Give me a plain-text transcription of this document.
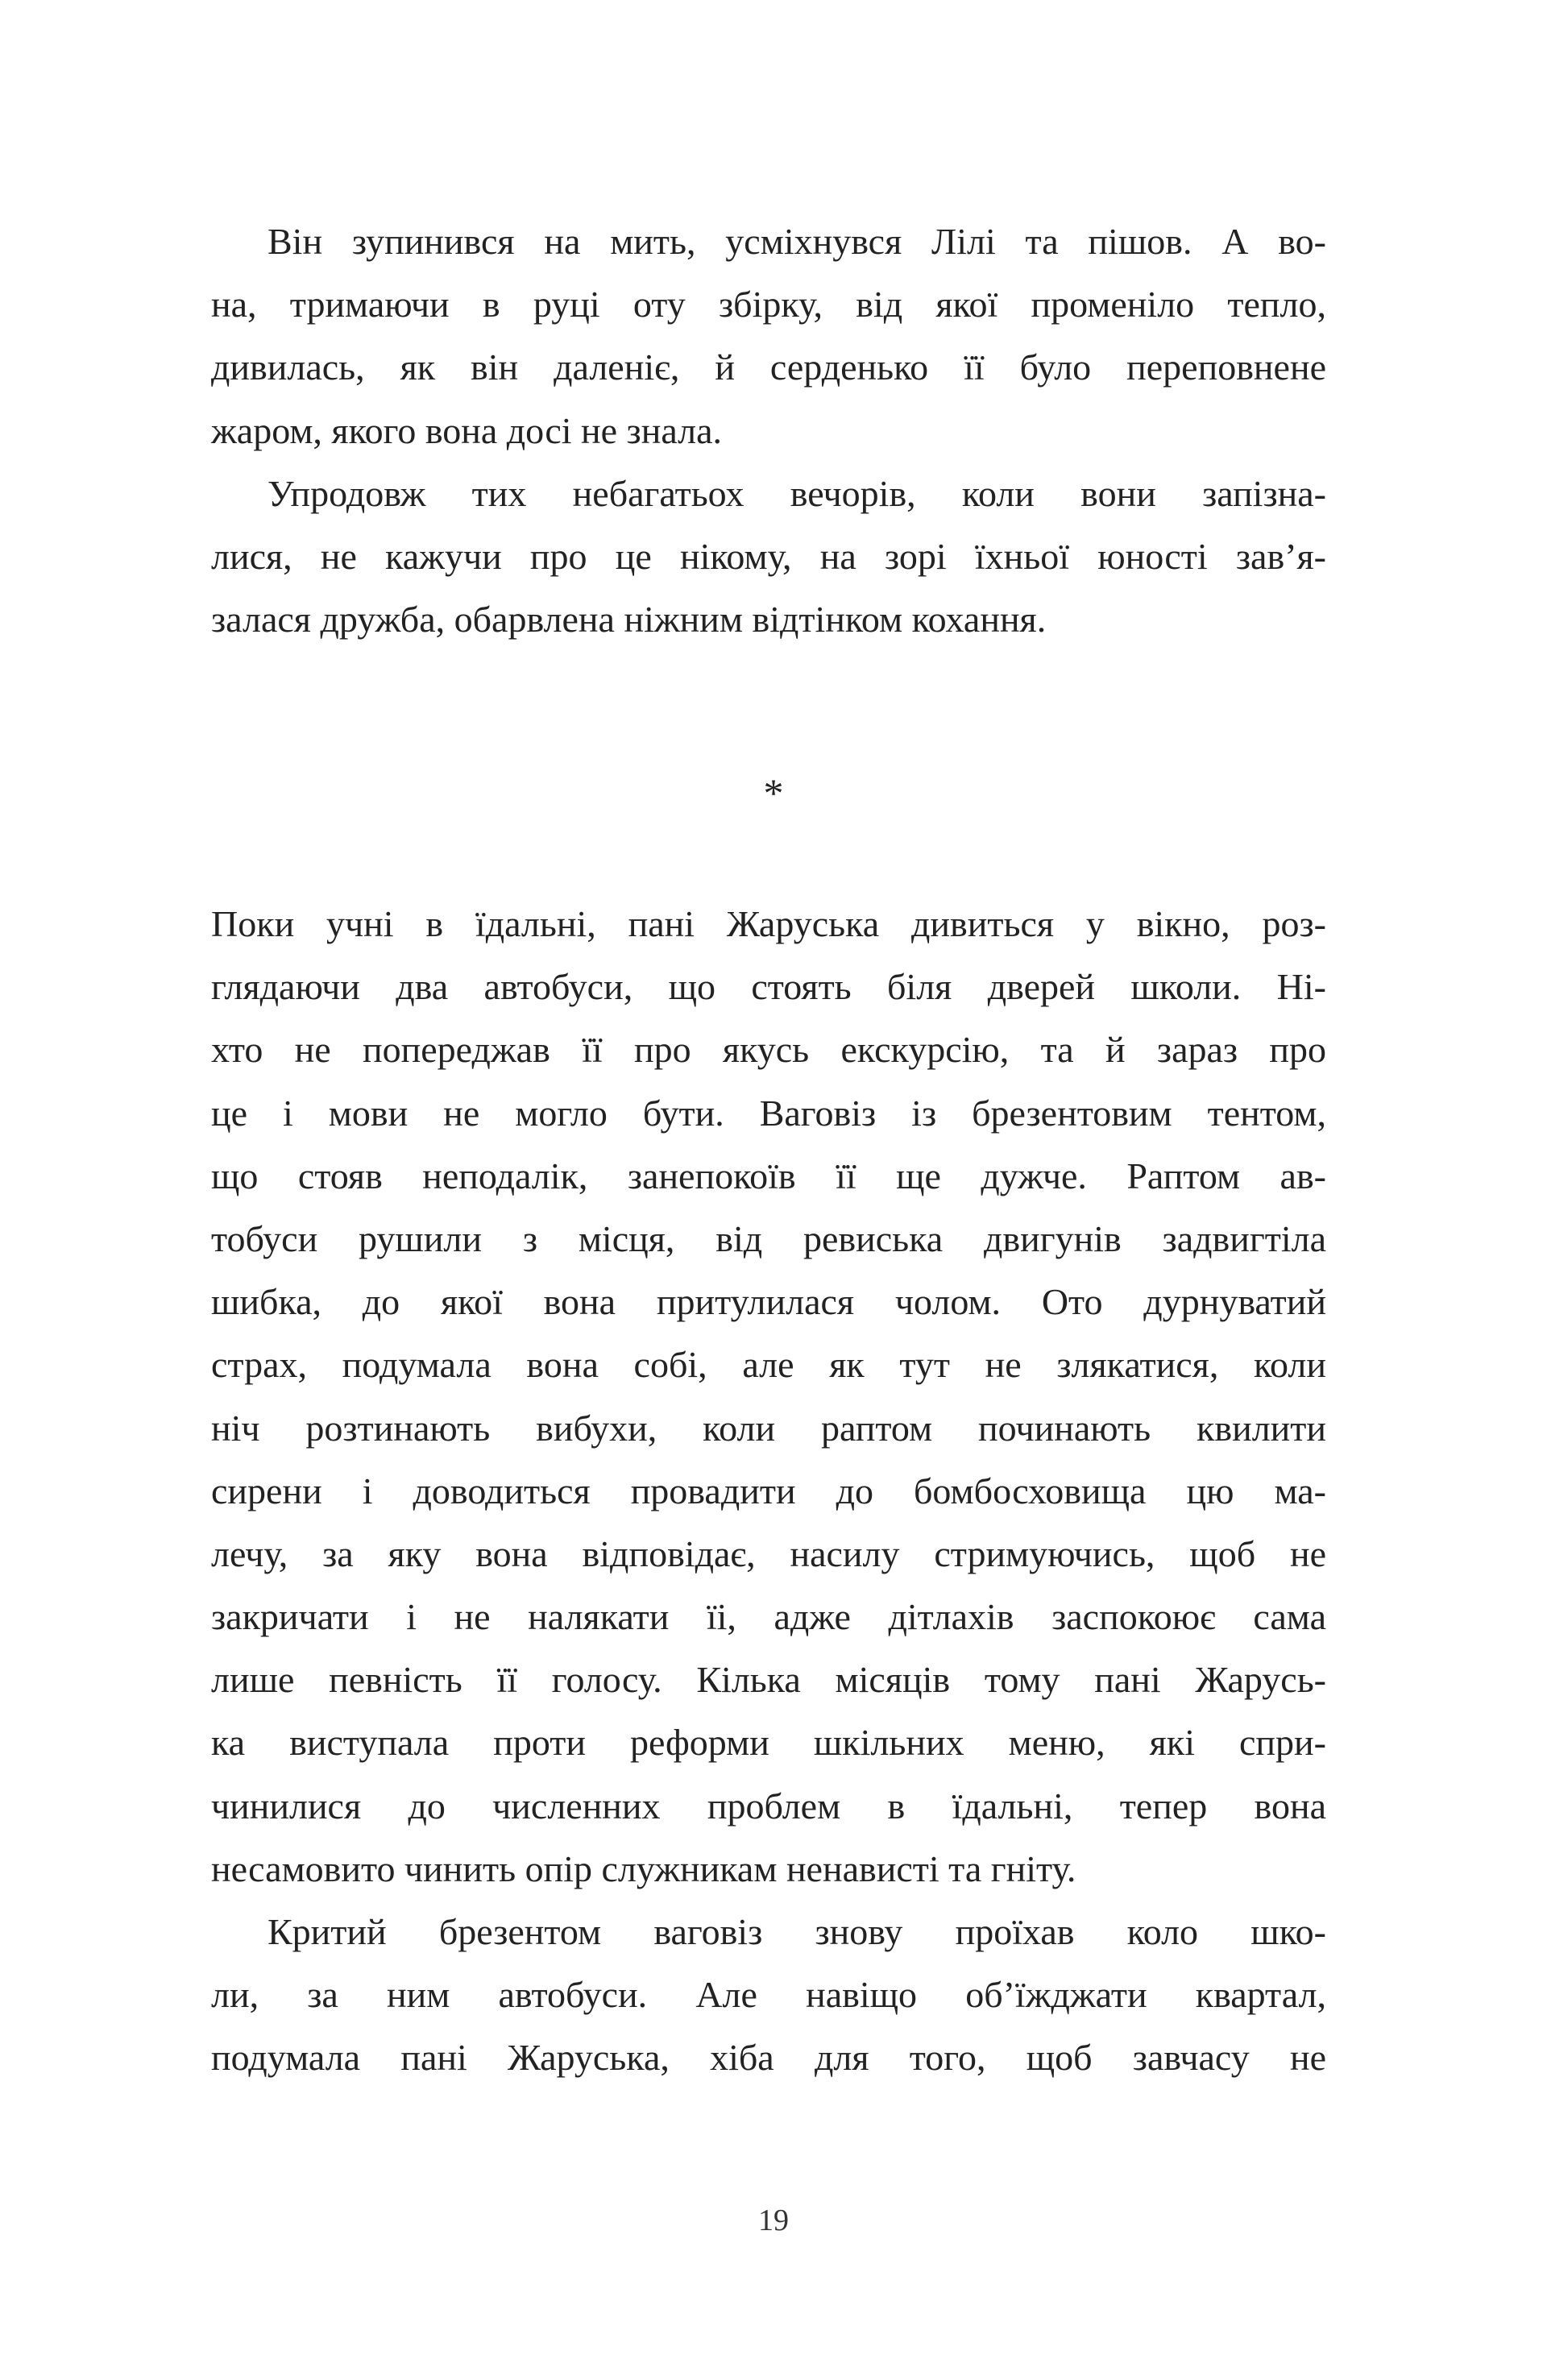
Він зупинився на мить, усміхнувся Лілі та пішов. А во-
на, тримаючи в руці оту збірку, від якої променіло тепло,
дивилась, як він даленіє, й серденько її було переповнене
жаром, якого вона досі не знала.
Упродовж тих небагатьох вечорів, коли вони запізна-
лися, не кажучи про це нікому, на зорі їхньої юності зав’я-
залася дружба, обарвлена ніжним відтінком кохання.
*
Поки учні в їдальні, пані Жаруська дивиться у вікно, роз-
глядаючи два автобуси, що стоять біля дверей школи. Ні-
хто не попереджав її про якусь екскурсію, та й зараз про
це і мови не могло бути. Ваговіз із брезентовим тентом,
що стояв неподалік, занепокоїв її ще дужче. Раптом ав-
тобуси рушили з місця, від ревиська двигунів задвигтіла
шибка, до якої вона притулилася чолом. Ото дурнуватий
страх, подумала вона собі, але як тут не злякатися, коли
ніч розтинають вибухи, коли раптом починають квилити
сирени і доводиться провадити до бомбосховища цю ма-
лечу, за яку вона відповідає, насилу стримуючись, щоб не
закричати і не налякати їі, адже дітлахів заспокоює сама
лише певність її голосу. Кілька місяців тому пані Жарусь-
ка виступала проти реформи шкільних меню, які спри-
чинилися до численних проблем в їдальні, тепер вона
несамовито чинить опір служникам ненависті та гніту.
Критий брезентом ваговіз знову проїхав коло шко-
ли, за ним автобуси. Але навіщо об’їжджати квартал,
подумала пані Жаруська, хіба для того, щоб завчасу не
19
